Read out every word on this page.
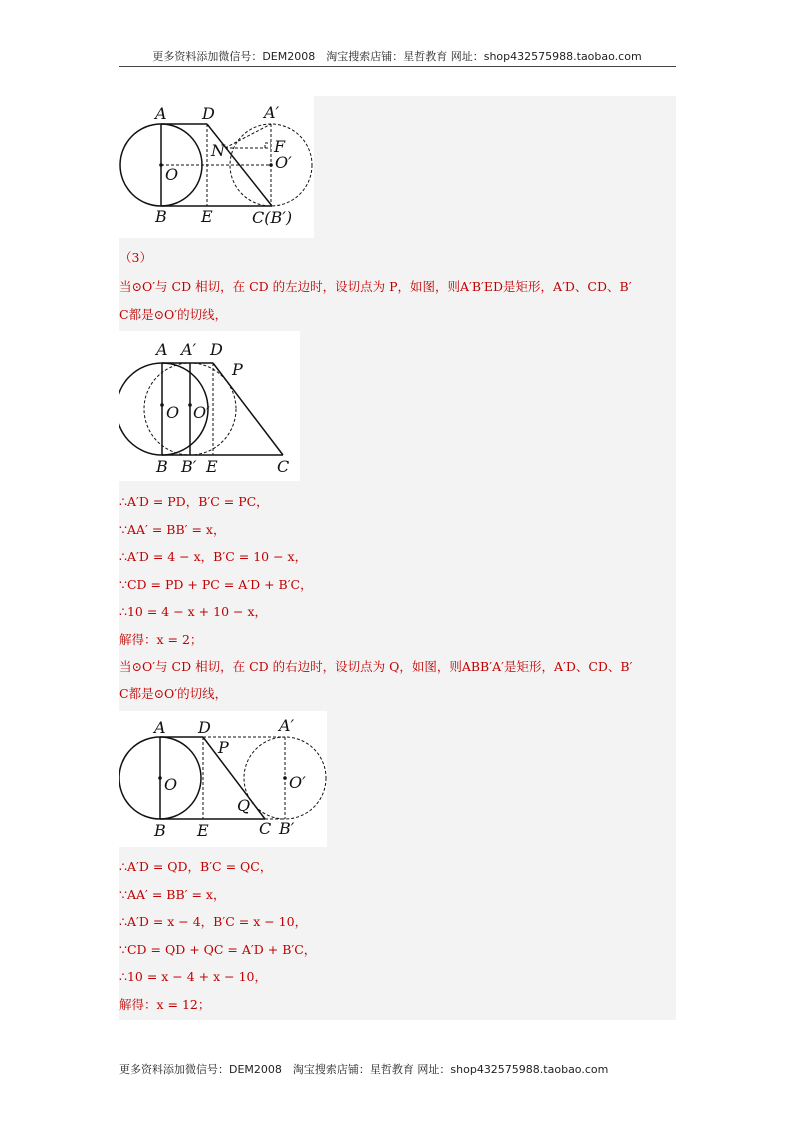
更多资料添加微信号：DEM2008　淘宝搜索店铺：星哲教育 网址：shop432575988.taobao.com
A D	A′
N	F
O
O′
B E C(B′)
（3）
当⊙O′与 CD 相切，在 CD 的左边时，设切点为 P，如图，则A′B′ED是矩形，A′D、CD、B′
C都是⊙O′的切线，
A A′ D
P
O O′
B B′ E	C
∴A′D = PD，B′C = PC，
∵AA′ = BB′ = x，
∴A′D = 4 − x，B′C = 10 − x，
∵CD = PD + PC = A′D + B′C，
∴10 = 4 − x + 10 − x，
解得：x = 2；
当⊙O′与 CD 相切，在 CD 的右边时，设切点为 Q，如图，则ABB′A′是矩形，A′D、CD、B′
C都是⊙O′的切线，
A D	A′
P
O	O′
Q
B E	C B′
∴A′D = QD，B′C = QC，
∵AA′ = BB′ = x，
∴A′D = x − 4，B′C = x − 10，
∵CD = QD + QC = A′D + B′C，
∴10 = x − 4 + x − 10，
解得：x = 12；
更多资料添加微信号：DEM2008　淘宝搜索店铺：星哲教育 网址：shop432575988.taobao.com
